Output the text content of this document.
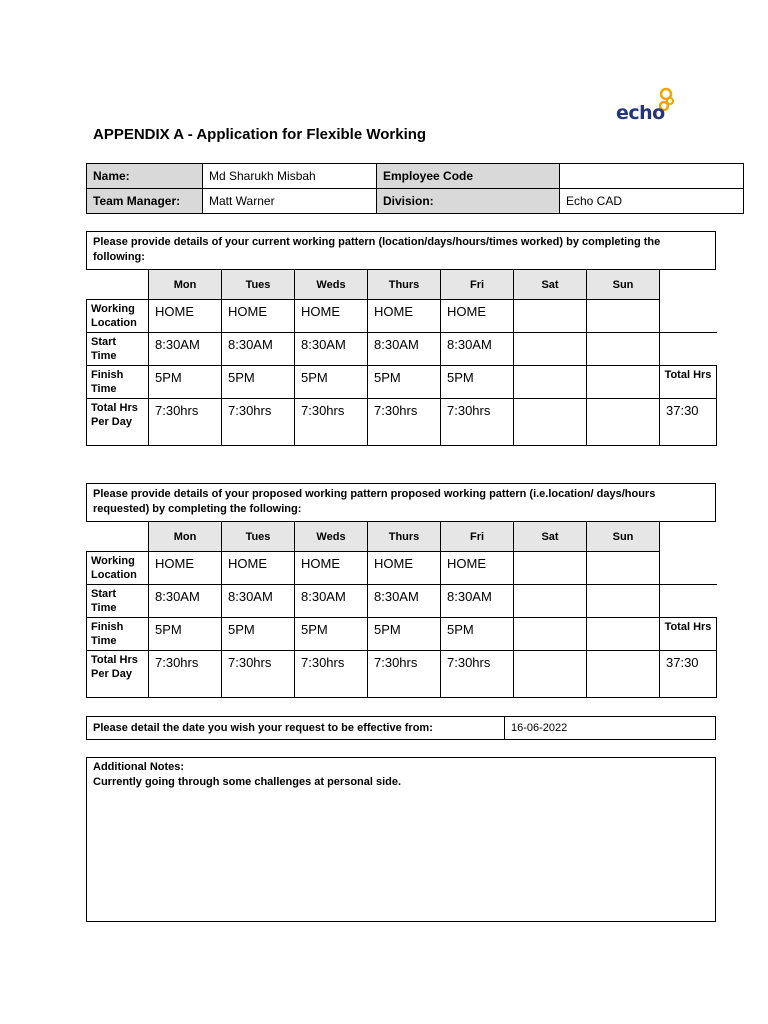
echo
APPENDIX A - Application for Flexible Working
Name:	Md Sharukh Misbah	Employee Code	
Team Manager:	Matt Warner	Division:	Echo CAD
Please provide details of your current working pattern (location/days/hours/times worked) by completing the following:
	Mon	Tues	Weds	Thurs	Fri	Sat	Sun	
Working Location	HOME	HOME	HOME	HOME	HOME			
Start Time	8:30AM	8:30AM	8:30AM	8:30AM	8:30AM			
Finish Time	5PM	5PM	5PM	5PM	5PM			Total Hrs
Total Hrs Per Day	7:30hrs	7:30hrs	7:30hrs	7:30hrs	7:30hrs			37:30
Please provide details of your proposed working pattern proposed working pattern (i.e.location/ days/hours requested) by completing the following:
	Mon	Tues	Weds	Thurs	Fri	Sat	Sun	
Working Location	HOME	HOME	HOME	HOME	HOME			
Start Time	8:30AM	8:30AM	8:30AM	8:30AM	8:30AM			
Finish Time	5PM	5PM	5PM	5PM	5PM			Total Hrs
Total Hrs Per Day	7:30hrs	7:30hrs	7:30hrs	7:30hrs	7:30hrs			37:30
Please detail the date you wish your request to be effective from:	16-06-2022
Additional Notes:
Currently going through some challenges at personal side.
